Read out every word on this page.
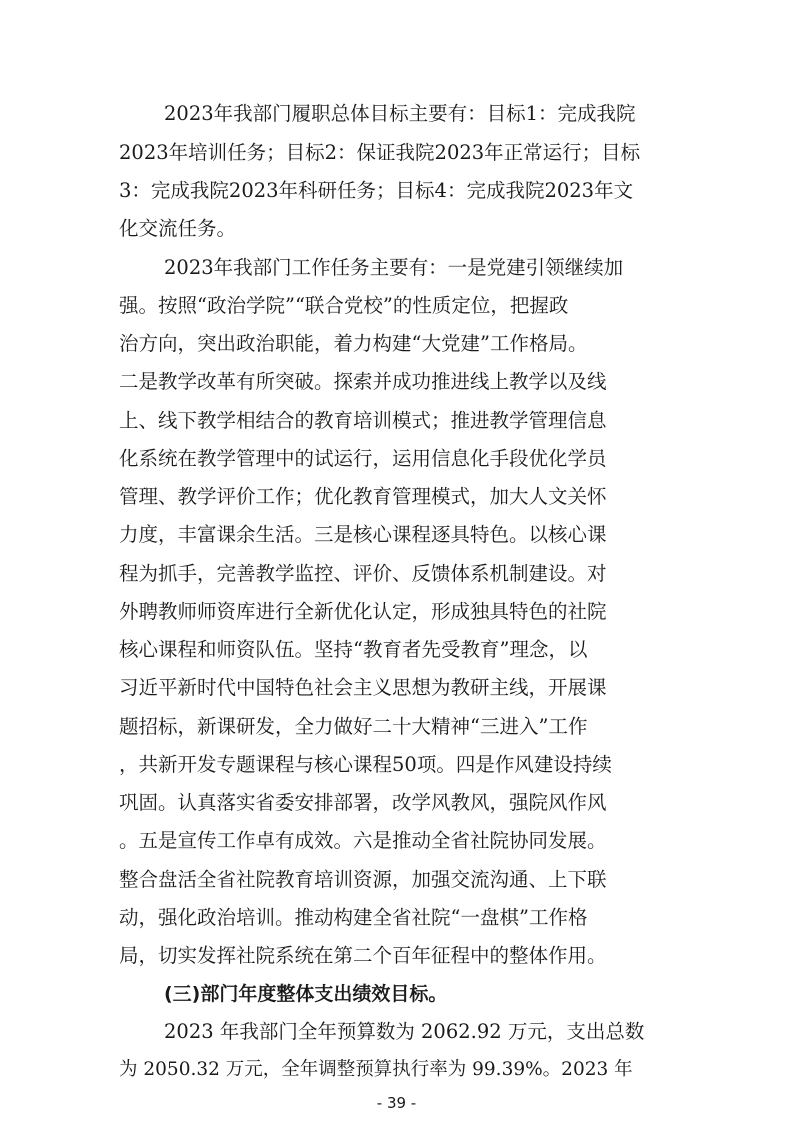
2023年我部门履职总体目标主要有：目标1：完成我院

2023年培训任务；目标2：保证我院2023年正常运行；目标

3：完成我院2023年科研任务；目标4：完成我院2023年文

化交流任务。

2023年我部门工作任务主要有：一是党建引领继续加

强。按照“政治学院”“联合党校”的性质定位，把握政

治方向，突出政治职能，着力构建“大党建”工作格局。

二是教学改革有所突破。探索并成功推进线上教学以及线

上、线下教学相结合的教育培训模式；推进教学管理信息

化系统在教学管理中的试运行，运用信息化手段优化学员

管理、教学评价工作；优化教育管理模式，加大人文关怀

力度，丰富课余生活。三是核心课程逐具特色。以核心课

程为抓手，完善教学监控、评价、反馈体系机制建设。对

外聘教师师资库进行全新优化认定，形成独具特色的社院

核心课程和师资队伍。坚持“教育者先受教育”理念，以

习近平新时代中国特色社会主义思想为教研主线，开展课

题招标，新课研发，全力做好二十大精神“三进入”工作

，共新开发专题课程与核心课程50项。四是作风建设持续

巩固。认真落实省委安排部署，改学风教风，强院风作风

。五是宣传工作卓有成效。六是推动全省社院协同发展。

整合盘活全省社院教育培训资源，加强交流沟通、上下联

动，强化政治培训。推动构建全省社院“一盘棋”工作格

局，切实发挥社院系统在第二个百年征程中的整体作用。

(三)部门年度整体支出绩效目标。

2023 年我部门全年预算数为 2062.92 万元，支出总数

为 2050.32 万元，全年调整预算执行率为 99.39%。2023 年

- 39 -
